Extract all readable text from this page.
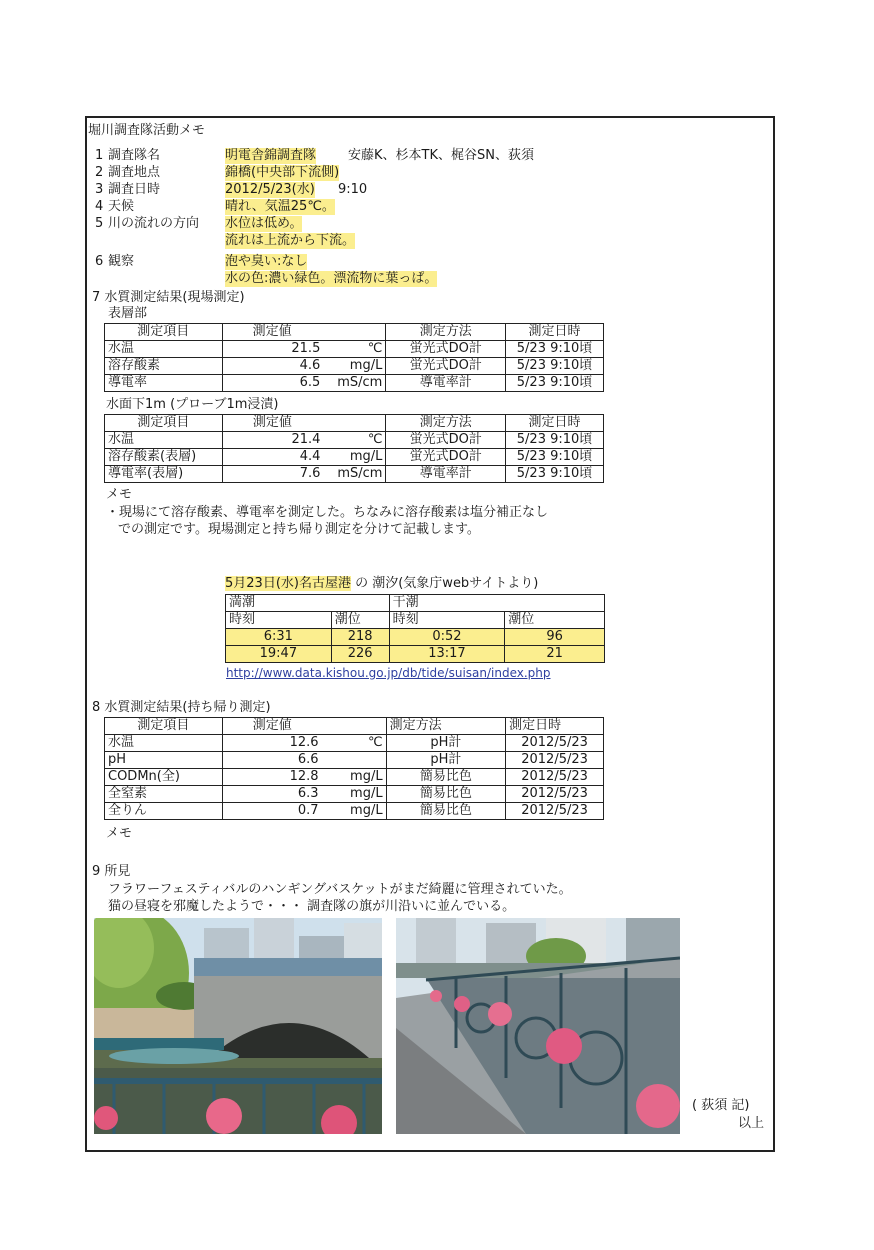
堀川調査隊活動メモ
1 調査隊名	明電舎錦調査隊 安藤K、杉本TK、梶谷SN、荻須
2 調査地点	錦橋(中央部下流側)
3 調査日時	2012/5/23(水) 9:10
4 天候	晴れ、気温25℃。
5 川の流れの方向 水位は低め。
流れは上流から下流。
6 観察	泡や臭い:なし
水の色:濃い緑色。漂流物に葉っぱ。
7 水質測定結果(現場測定)
表層部
測定項目	測定値	測定方法	測定日時
水温	21.5 ℃	蛍光式DO計	5/23 9:10頃
溶存酸素	4.6 mg/L	蛍光式DO計	5/23 9:10頃
導電率	6.5 mS/cm	導電率計	5/23 9:10頃
水面下1m (プローブ1m浸漬)
測定項目	測定値	測定方法	測定日時
水温	21.4 ℃	蛍光式DO計	5/23 9:10頃
溶存酸素(表層)	4.4 mg/L	蛍光式DO計	5/23 9:10頃
導電率(表層)	7.6 mS/cm	導電率計	5/23 9:10頃
メモ
・現場にて溶存酸素、導電率を測定した。ちなみに溶存酸素は塩分補正なし
での測定です。現場測定と持ち帰り測定を分けて記載します。
5月23日(水)名古屋港 の 潮汐(気象庁webサイトより)
満潮		干潮	
時刻	潮位	時刻	潮位
6:31	218	0:52	96
19:47	226	13:17	21
http://www.data.kishou.go.jp/db/tide/suisan/index.php
8 水質測定結果(持ち帰り測定)
測定項目	測定値	測定方法	測定日時
水温	12.6 ℃	pH計	2012/5/23
pH	6.6	pH計	2012/5/23
CODMn(全)	12.8 mg/L	簡易比色	2012/5/23
全窒素	6.3 mg/L	簡易比色	2012/5/23
全りん	0.7 mg/L	簡易比色	2012/5/23
メモ
9 所見
フラワーフェスティバルのハンギングバスケットがまだ綺麗に管理されていた。
猫の昼寝を邪魔したようで・・・ 調査隊の旗が川沿いに並んでいる。
( 荻須 記)
以上
